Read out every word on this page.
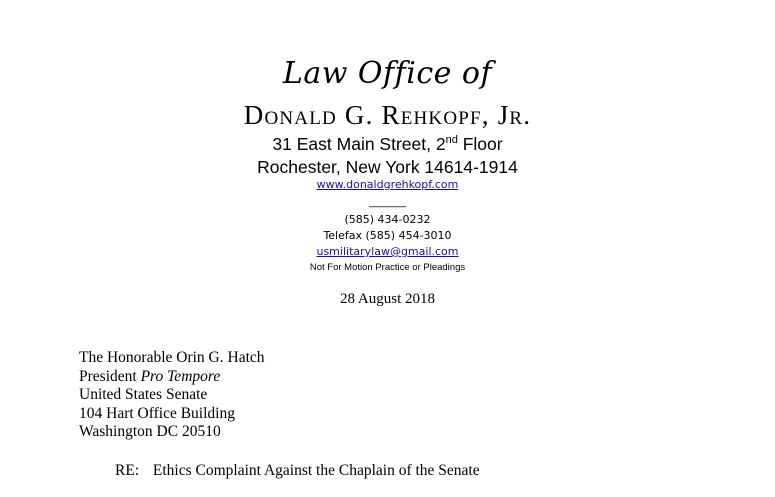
Law Office of
Donald G. Rehkopf, Jr.
31 East Main Street, 2nd Floor
Rochester, New York 14614-1914
www.donaldgrehkopf.com
______
(585) 434-0232
Telefax (585) 454-3010
usmilitarylaw@gmail.com
Not For Motion Practice or Pleadings
28 August 2018
The Honorable Orin G. Hatch
President Pro Tempore
United States Senate
104 Hart Office Building
Washington DC 20510
RE: Ethics Complaint Against the Chaplain of the Senate
